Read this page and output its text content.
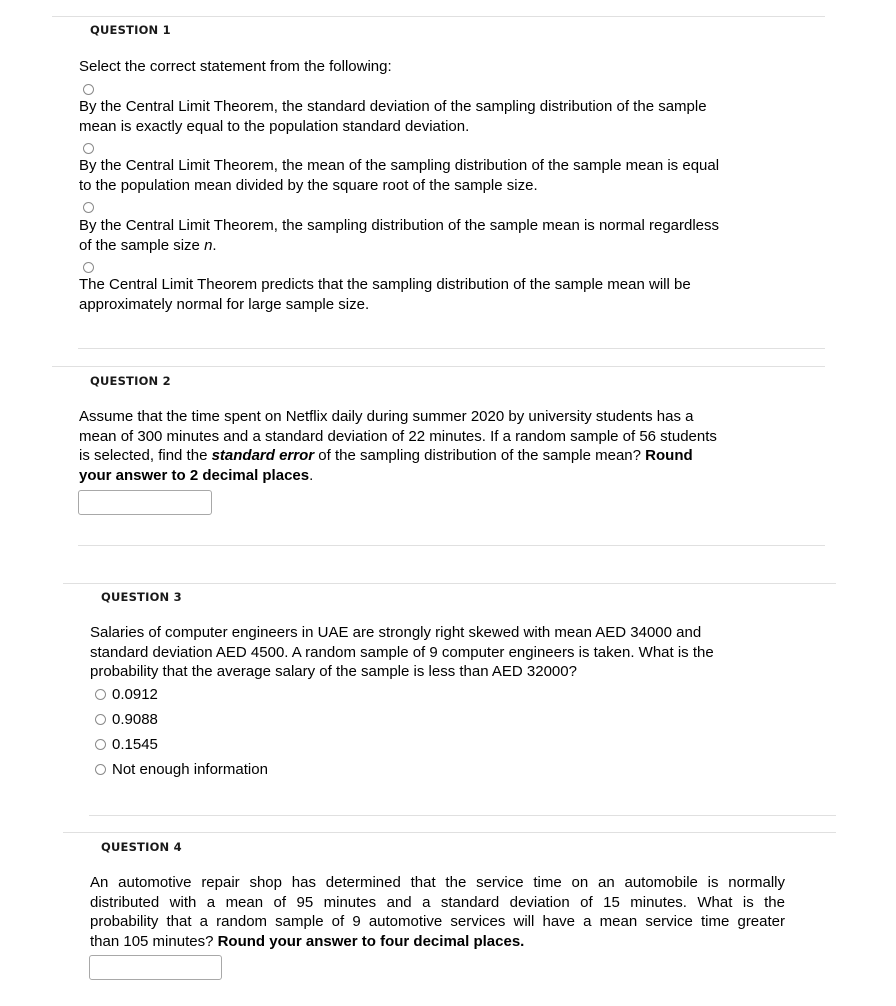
QUESTION 1
Select the correct statement from the following:
By the Central Limit Theorem, the standard deviation of the sampling distribution of the sample
mean is exactly equal to the population standard deviation.
By the Central Limit Theorem, the mean of the sampling distribution of the sample mean is equal
to the population mean divided by the square root of the sample size.
By the Central Limit Theorem, the sampling distribution of the sample mean is normal regardless
of the sample size n.
The Central Limit Theorem predicts that the sampling distribution of the sample mean will be
approximately normal for large sample size.
QUESTION 2
Assume that the time spent on Netflix daily during summer 2020 by university students has a
mean of 300 minutes and a standard deviation of 22 minutes. If a random sample of 56 students
is selected, find the standard error of the sampling distribution of the sample mean? Round
your answer to 2 decimal places.
QUESTION 3
Salaries of computer engineers in UAE are strongly right skewed with mean AED 34000 and
standard deviation AED 4500. A random sample of 9 computer engineers is taken. What is the
probability that the average salary of the sample is less than AED 32000?
0.0912
0.9088
0.1545
Not enough information
QUESTION 4
An automotive repair shop has determined that the service time on an automobile is normally
distributed with a mean of 95 minutes and a standard deviation of 15 minutes. What is the
probability that a random sample of 9 automotive services will have a mean service time greater
than 105 minutes? Round your answer to four decimal places.
